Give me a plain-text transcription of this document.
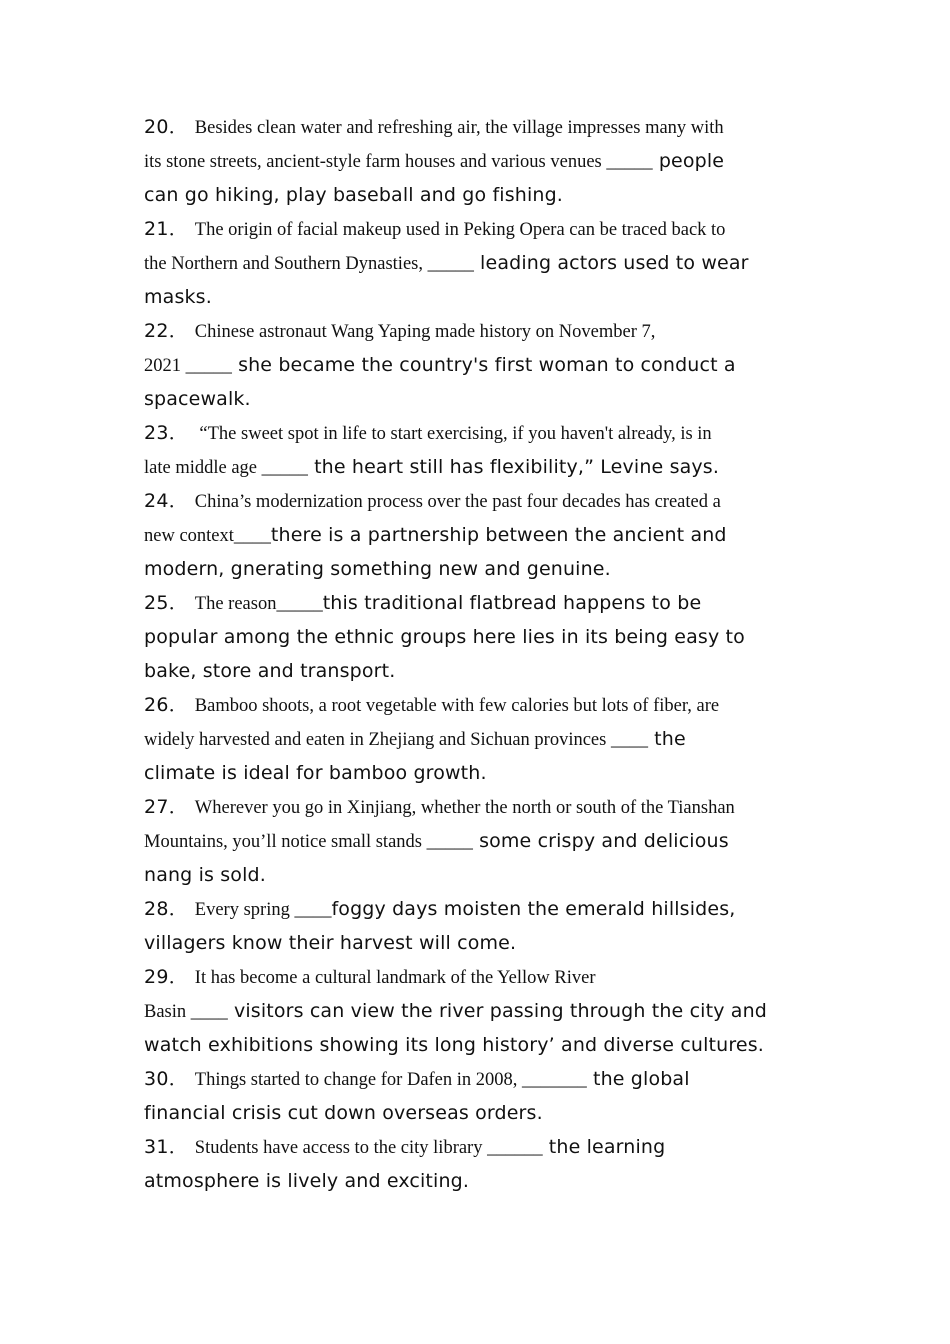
20． Besides clean water and refreshing air, the village impresses many with
its stone streets, ancient-style farm houses and various venues _____ people
can go hiking, play baseball and go fishing.
21． The origin of facial makeup used in Peking Opera can be traced back to
the Northern and Southern Dynasties, _____ leading actors used to wear
masks.
22． Chinese astronaut Wang Yaping made history on November 7,
2021 _____ she became the country's first woman to conduct a
spacewalk.
23． “The sweet spot in life to start exercising, if you haven't already, is in
late middle age _____ the heart still has flexibility,” Levine says.
24． China’s modernization process over the past four decades has created a
new context____there is a partnership between the ancient and
modern, gnerating something new and genuine.
25． The reason_____this traditional flatbread happens to be
popular among the ethnic groups here lies in its being easy to
bake, store and transport.
26． Bamboo shoots, a root vegetable with few calories but lots of fiber, are
widely harvested and eaten in Zhejiang and Sichuan provinces ____ the
climate is ideal for bamboo growth.
27． Wherever you go in Xinjiang, whether the north or south of the Tianshan
Mountains, you’ll notice small stands _____ some crispy and delicious
nang is sold.
28． Every spring ____foggy days moisten the emerald hillsides,
villagers know their harvest will come.
29． It has become a cultural landmark of the Yellow River
Basin ____ visitors can view the river passing through the city and
watch exhibitions showing its long history’ and diverse cultures.
30． Things started to change for Dafen in 2008, _______ the global
financial crisis cut down overseas orders.
31． Students have access to the city library ______ the learning
atmosphere is lively and exciting.
